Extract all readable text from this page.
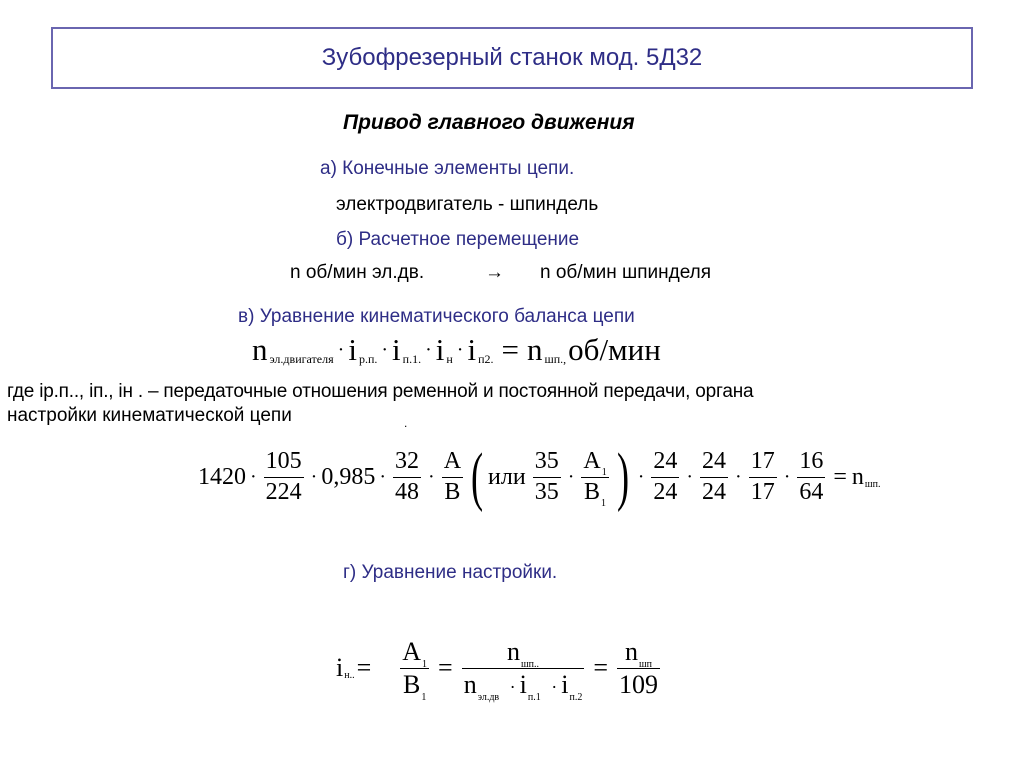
Зубофрезерный станок мод. 5Д32
Привод главного движения
а) Конечные элементы цепи.
электродвигатель - шпиндель
б) Расчетное перемещение
n об/мин эл.дв.	→ n об/мин шпинделя
в) Уравнение кинематического баланса цепи
n эл.двигателя · i р.п. · i п.1. · i н · i п2. = n шп., об/мин
где iр.п.., iп., iн . – передаточные отношения ременной и постоянной передачи, органа
настройки кинематической цепи	.
$1420 \cdot \frac{105}{224} \cdot 0,985 \cdot \frac{32}{48} \cdot \frac{A}{B}$ ( или $\frac{35}{35} \cdot \frac{A_1}{B_1}$ ) · $\frac{24}{24} \cdot \frac{24}{24} \cdot \frac{17}{17} \cdot \frac{16}{64} = n$ шп.
г) Уравнение настройки.
i н.. = $\frac{A_1}{B_1} = \frac{n_{шп..}}{n_{эл.дв} \cdot i_{п.1} \cdot i_{п.2}} = \frac{n_{шп}}{109}$
